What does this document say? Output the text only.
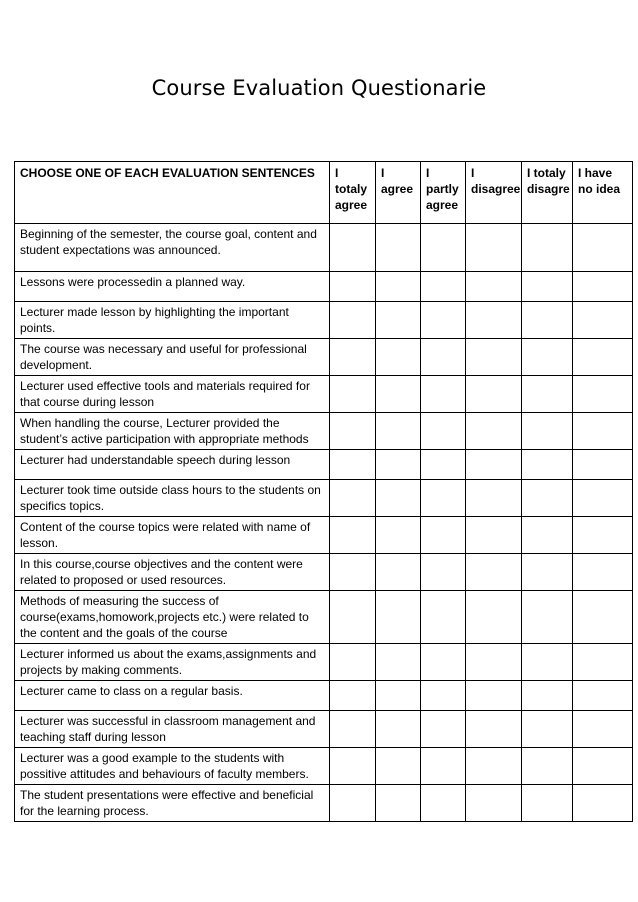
Course Evaluation Questionarie
CHOOSE ONE OF EACH EVALUATION SENTENCES	I totaly agree	I agree	I partly agree	I disagree	I totaly disagre	I have no idea
Beginning of the semester, the course goal, content and student expectations was announced.						
Lessons were processedin a planned way.						
Lecturer made lesson by highlighting the important points.						
The course was necessary and useful for professional development.						
Lecturer used effective tools and materials required for that course during lesson						
When handling the course, Lecturer provided the student’s active participation with appropriate methods						
Lecturer had understandable speech during lesson						
Lecturer took time outside class hours to the students on specifics topics.						
Content of the course topics were related with name of lesson.						
In this course,course objectives and the content were related to proposed or used resources.						
Methods of measuring the success of course(exams,homowork,projects etc.) were related to the content and the goals of the course						
Lecturer informed us about the exams,assignments and projects by making comments.						
Lecturer came to class on a regular basis.						
Lecturer was successful in classroom management and teaching staff during lesson						
Lecturer was a good example to the students with possitive attitudes and behaviours of faculty members.						
The student presentations were effective and beneficial for the learning process.						
